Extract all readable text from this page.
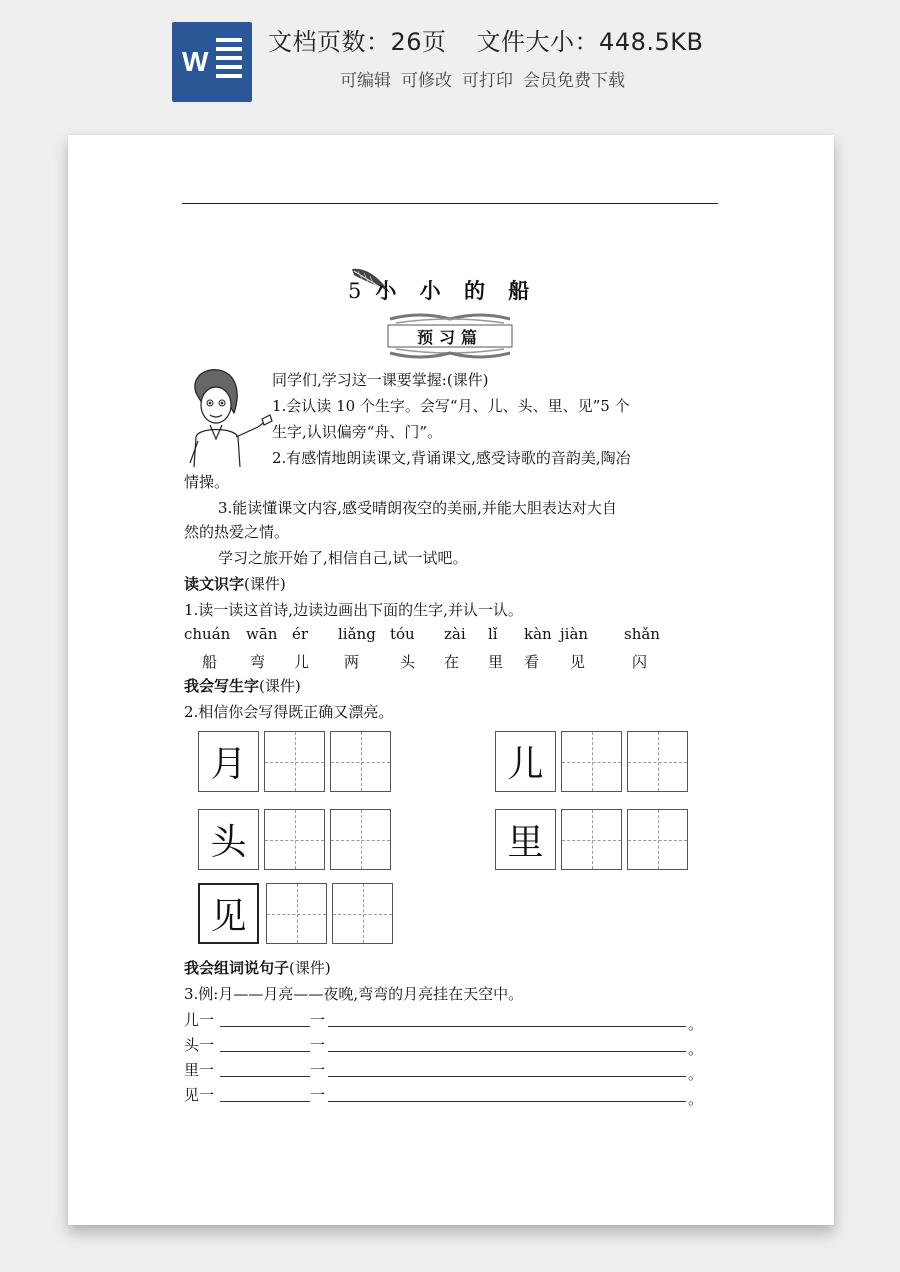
W
文档页数：26页 文件大小：448.5KB
可编辑 可修改 可打印 会员免费下载
5 小 小 的 船
预习篇
同学们,学习这一课要掌握:(课件)
1.会认读 10 个生字。会写“月、儿、头、里、见”5 个
生字,认识偏旁“舟、门”。
2.有感情地朗读课文,背诵课文,感受诗歌的音韵美,陶冶
情操。
3.能读懂课文内容,感受晴朗夜空的美丽,并能大胆表达对大自
然的热爱之情。
学习之旅开始了,相信自己,试一试吧。
读文识字(课件)
1.读一读这首诗,边读边画出下面的生字,并认一认。
chuán wān ér liǎng tóu zài lǐ kàn jiàn shǎn
船 弯 儿 两	头 在 里 看 见	闪
我会写生字(课件)
2.相信你会写得既正确又漂亮。
月	儿
头	里
见
我会组词说句子(课件)
3.例:月——月亮——夜晚,弯弯的月亮挂在天空中。
儿一	一	。
头一	一	。
里一	一	。
见一	一	。
